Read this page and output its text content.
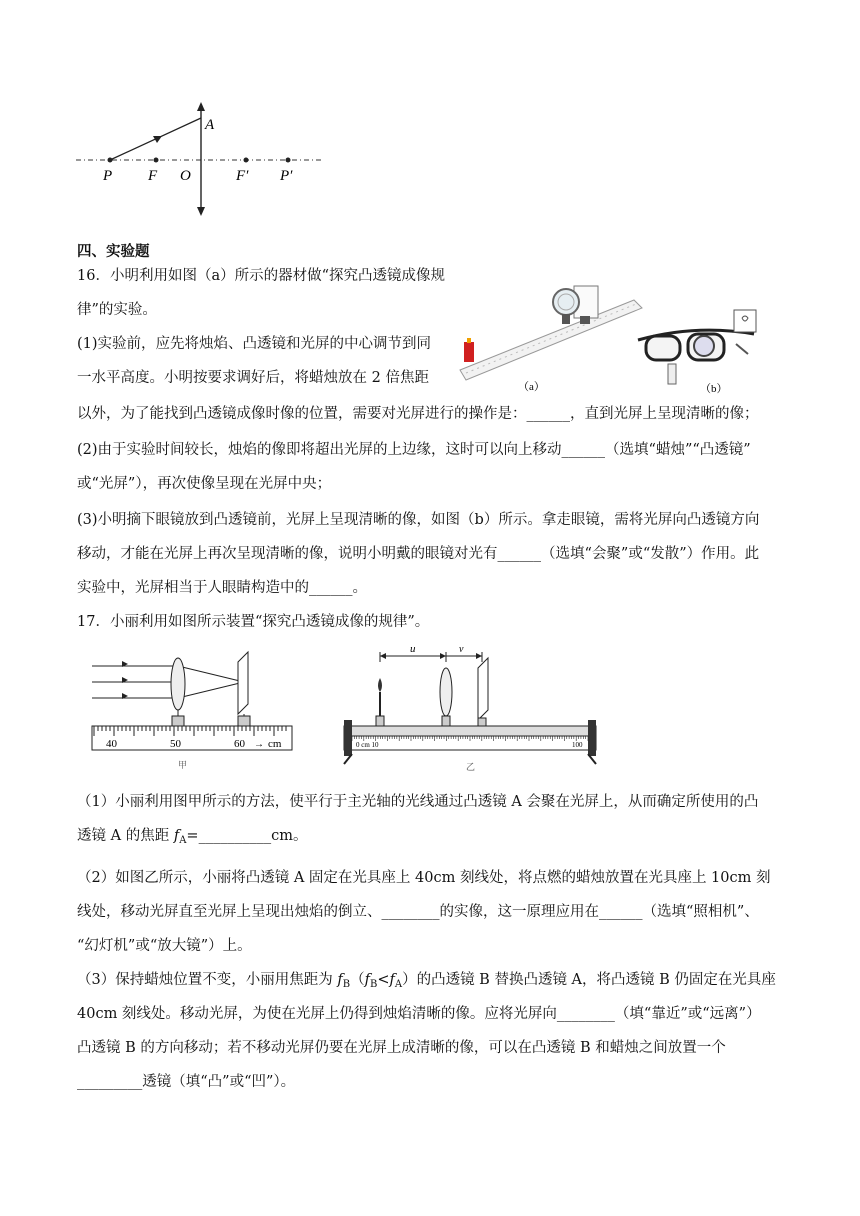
A
P F O	F′ P′
四、实验题
16．小明利用如图（a）所示的器材做“探究凸透镜成像规
律”的实验。
(1)实验前，应先将烛焰、凸透镜和光屏的中心调节到同
一水平高度。小明按要求调好后，将蜡烛放在 2 倍焦距
（a）	（b）
以外，为了能找到凸透镜成像时像的位置，需要对光屏进行的操作是：______，直到光屏上呈现清晰的像；
(2)由于实验时间较长，烛焰的像即将超出光屏的上边缘，这时可以向上移动______（选填“蜡烛”“凸透镜”
或“光屏”），再次使像呈现在光屏中央；
(3)小明摘下眼镜放到凸透镜前，光屏上呈现清晰的像，如图（b）所示。拿走眼镜，需将光屏向凸透镜方向
移动，才能在光屏上再次呈现清晰的像，说明小明戴的眼镜对光有______（选填“会聚”或“发散”）作用。此
实验中，光屏相当于人眼睛构造中的______。
17．小丽利用如图所示装置“探究凸透镜成像的规律”。
40	50	60 → cm
甲
u	v
0 cm 10	100
乙
（1）小丽利用图甲所示的方法，使平行于主光轴的光线通过凸透镜 A 会聚在光屏上，从而确定所使用的凸
透镜 A 的焦距 $f_A=\_\_\_\_\_\_\_\_\_\_cm$。
（2）如图乙所示，小丽将凸透镜 A 固定在光具座上 40cm 刻线处，将点燃的蜡烛放置在光具座上 10cm 刻
线处，移动光屏直至光屏上呈现出烛焰的倒立、________的实像，这一原理应用在______（选填“照相机”、
“幻灯机”或“放大镜”）上。
（3）保持蜡烛位置不变，小丽用焦距为 $f_B(f_B<f_A)$的凸透镜 B 替换凸透镜 A，将凸透镜 B 仍固定在光具座
40cm 刻线处。移动光屏，为使在光屏上仍得到烛焰清晰的像。应将光屏向________（填“靠近”或“远离”）
凸透镜 B 的方向移动；若不移动光屏仍要在光屏上成清晰的像，可以在凸透镜 B 和蜡烛之间放置一个
_________透镜（填“凸”或“凹”）。
